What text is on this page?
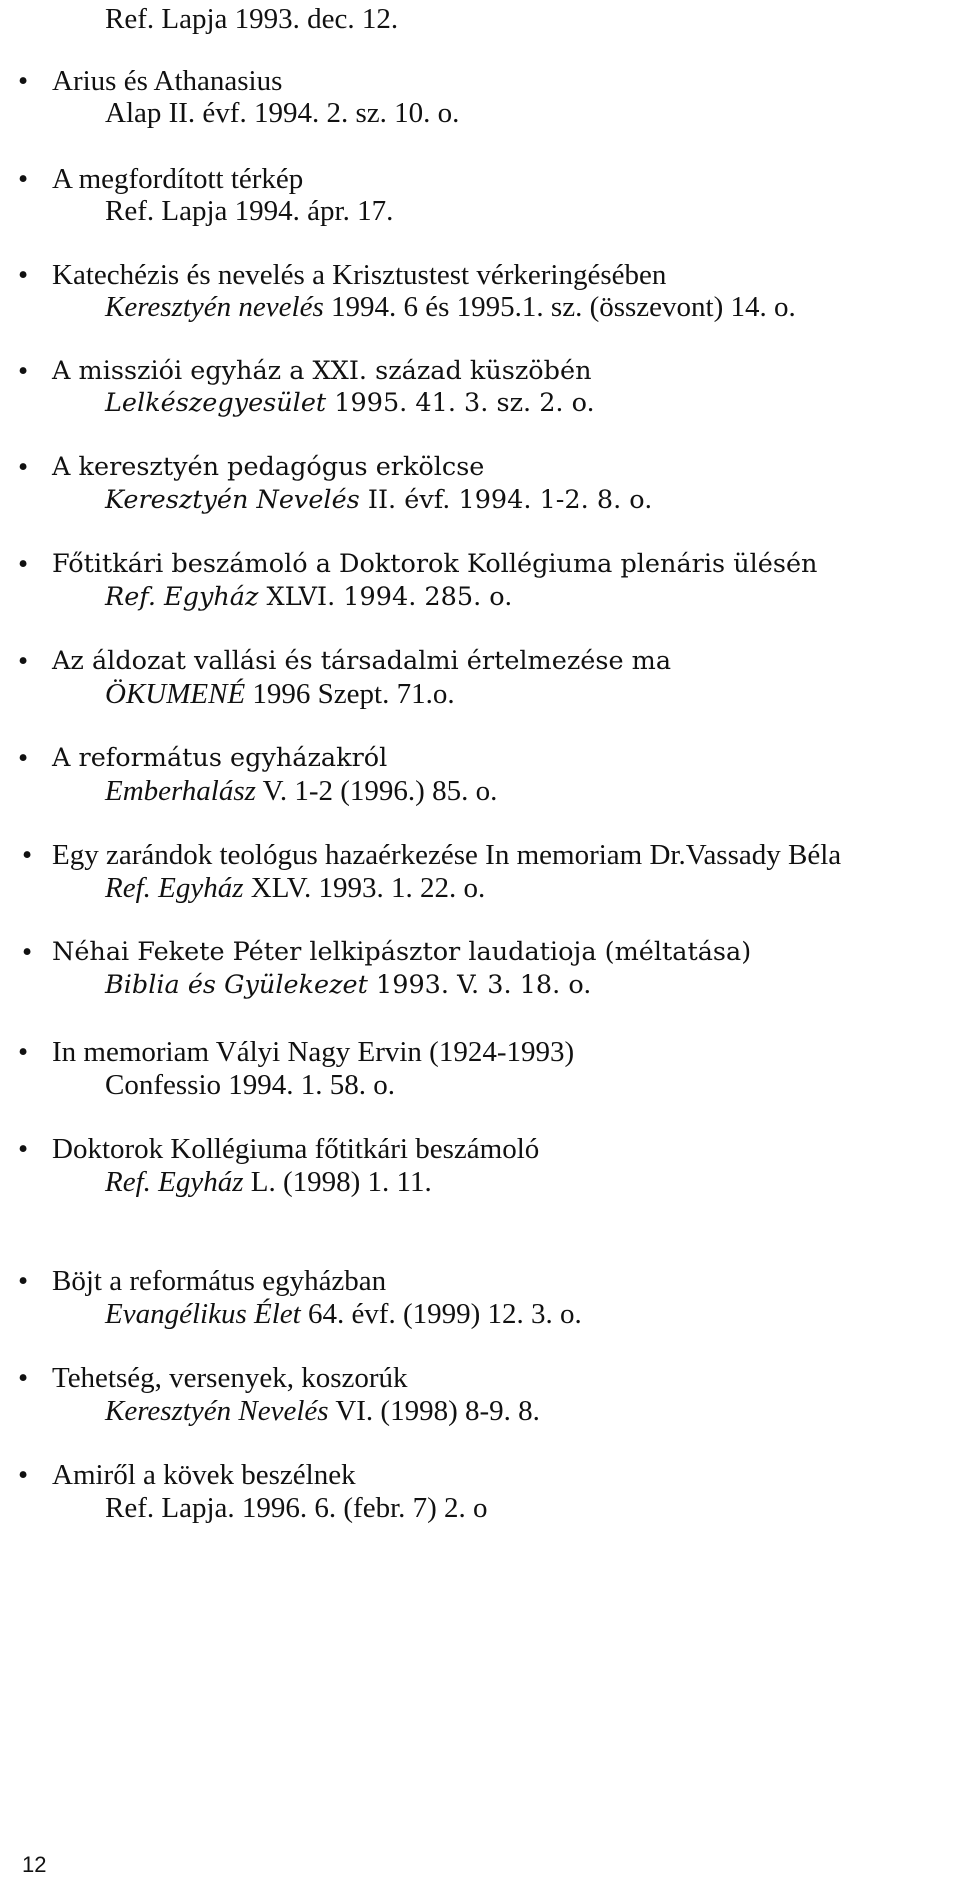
Ref. Lapja 1993. dec. 12.
• Arius és Athanasius
Alap II. évf. 1994. 2. sz. 10. o.
• A megfordított térkép
Ref. Lapja 1994. ápr. 17.
• Katechézis és nevelés a Krisztustest vérkeringésében
Keresztyén nevelés 1994. 6 és 1995.1. sz. (összevont) 14. o.
• A missziói egyház a XXI. század küszöbén
Lelkészegyesület 1995. 41. 3. sz. 2. o.
• A keresztyén pedagógus erkölcse
Keresztyén Nevelés II. évf. 1994. 1-2. 8. o.
• Főtitkári beszámoló a Doktorok Kollégiuma plenáris ülésén
Ref. Egyház XLVI. 1994. 285. o.
• Az áldozat vallási és társadalmi értelmezése ma
ÖKUMENÉ 1996 Szept. 71.o.
• A református egyházakról
Emberhalász V. 1-2 (1996.) 85. o.
• Egy zarándok teológus hazaérkezése In memoriam Dr.Vassady Béla
Ref. Egyház XLV. 1993. 1. 22. o.
• Néhai Fekete Péter lelkipásztor laudatioja (méltatása)
Biblia és Gyülekezet 1993. V. 3. 18. o.
• In memoriam Vályi Nagy Ervin (1924-1993)
Confessio 1994. 1. 58. o.
• Doktorok Kollégiuma főtitkári beszámoló
Ref. Egyház L. (1998) 1. 11.
• Böjt a református egyházban
Evangélikus Élet 64. évf. (1999) 12. 3. o.
• Tehetség, versenyek, koszorúk
Keresztyén Nevelés VI. (1998) 8-9. 8.
• Amiről a kövek beszélnek
Ref. Lapja. 1996. 6. (febr. 7) 2. o
12
